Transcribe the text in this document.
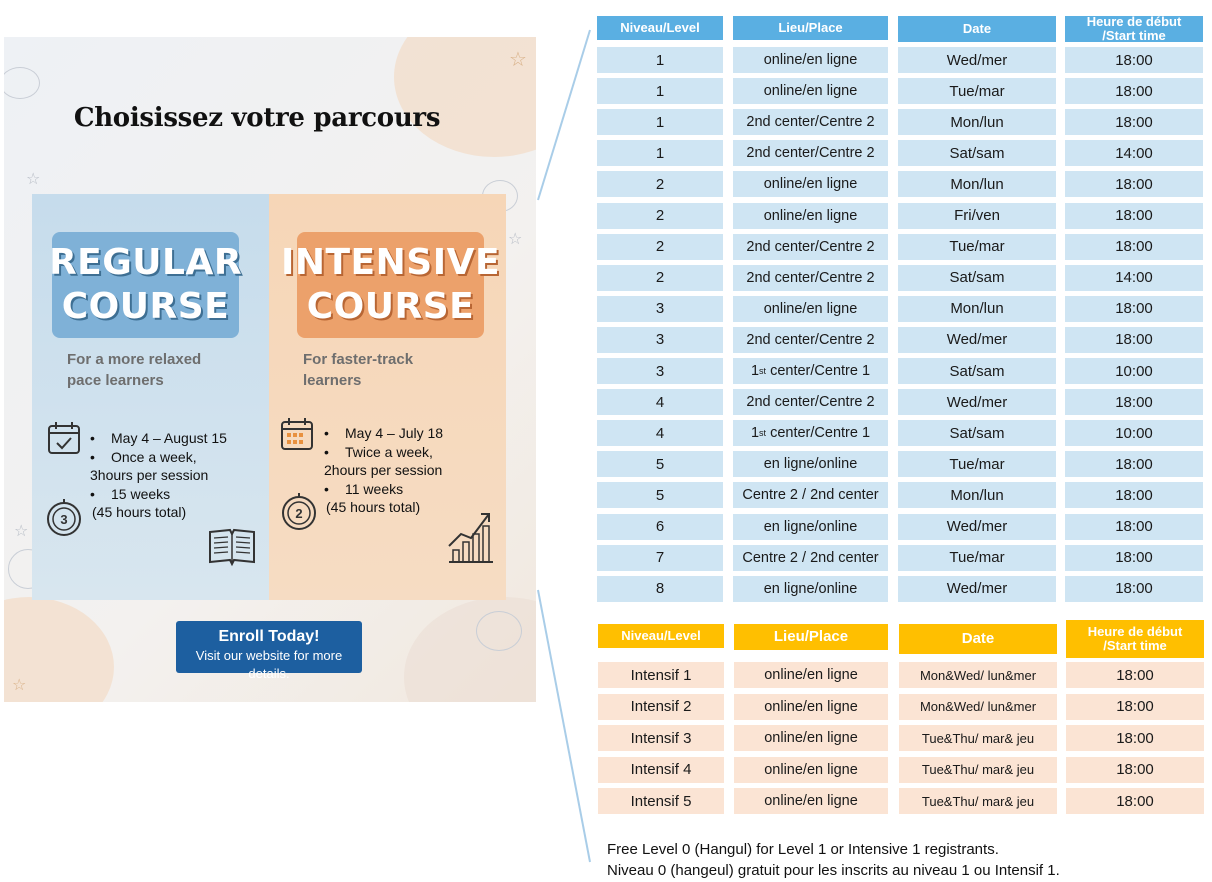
☆
☆
☆
☆
☆
Choisissez votre parcours
REGULAR
COURSE
For a more relaxed
pace learners
• May 4 – August 15
• Once a week,
3hours per session
• 15 weeks
(45 hours total)
3
INTENSIVE
COURSE
For faster-track
learners
• May 4 – July 18
• Twice a week,
2hours per session
• 11 weeks
(45 hours total)
2
Enroll Today!
Visit our website for more details.
Niveau/Level	Lieu/Place	Date	Heure de début
/Start time
1	online/en ligne	Wed/mer	18:00
1	online/en ligne	Tue/mar	18:00
1	2nd center/Centre 2	Mon/lun	18:00
1	2nd center/Centre 2	Sat/sam	14:00
2	online/en ligne	Mon/lun	18:00
2	online/en ligne	Fri/ven	18:00
2	2nd center/Centre 2	Tue/mar	18:00
2	2nd center/Centre 2	Sat/sam	14:00
3	online/en ligne	Mon/lun	18:00
3	2nd center/Centre 2	Wed/mer	18:00
3	1 st center/Centre 1	Sat/sam	10:00
4	2nd center/Centre 2	Wed/mer	18:00
4	1 st center/Centre 1	Sat/sam	10:00
5	en ligne/online	Tue/mar	18:00
5	Centre 2 / 2nd center	Mon/lun	18:00
6	en ligne/online	Wed/mer	18:00
7	Centre 2 / 2nd center	Tue/mar	18:00
8	en ligne/online	Wed/mer	18:00
Niveau/Level	Lieu/Place	Date	Heure de début
/Start time
Intensif 1	online/en ligne	Mon&Wed/ lun&mer	18:00
Intensif 2	online/en ligne	Mon&Wed/ lun&mer	18:00
Intensif 3	online/en ligne	Tue&Thu/ mar& jeu	18:00
Intensif 4	online/en ligne	Tue&Thu/ mar& jeu	18:00
Intensif 5	online/en ligne	Tue&Thu/ mar& jeu	18:00
Free Level 0 (Hangul) for Level 1 or Intensive 1 registrants.
Niveau 0 (hangeul) gratuit pour les inscrits au niveau 1 ou Intensif 1.
